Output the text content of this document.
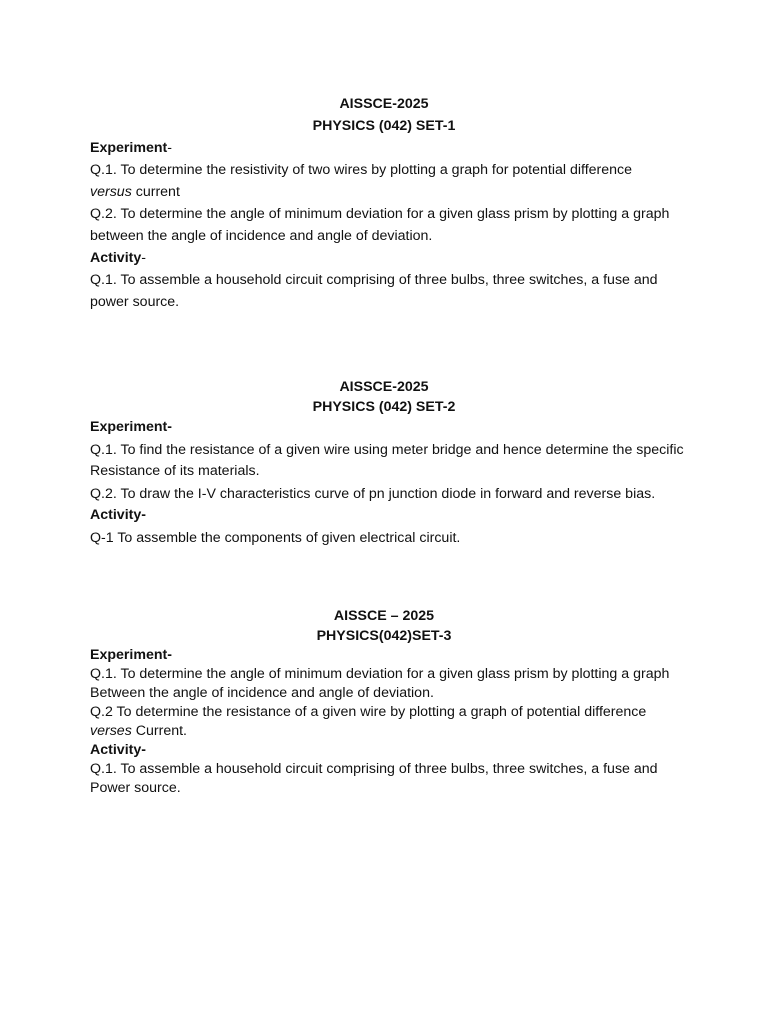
AISSCE-2025
PHYSICS (042) SET-1
Experiment-

Q.1. To determine the resistivity of two wires by plotting a graph for potential difference
versus current

Q.2. To determine the angle of minimum deviation for a given glass prism by plotting a graph between the angle of incidence and angle of deviation.

Activity-

Q.1. To assemble a household circuit comprising of three bulbs, three switches, a fuse and power source.

AISSCE-2025
PHYSICS (042) SET-2
Experiment-

Q.1. To find the resistance of a given wire using meter bridge and hence determine the specific Resistance of its materials.

Q.2. To draw the I-V characteristics curve of pn junction diode in forward and reverse bias.

Activity-

Q-1 To assemble the components of given electrical circuit.

AISSCE – 2025
PHYSICS(042)SET-3
Experiment-

Q.1. To determine the angle of minimum deviation for a given glass prism by plotting a graph Between the angle of incidence and angle of deviation.

Q.2 To determine the resistance of a given wire by plotting a graph of potential difference
verses Current.

Activity-

Q.1. To assemble a household circuit comprising of three bulbs, three switches, a fuse and Power source.
